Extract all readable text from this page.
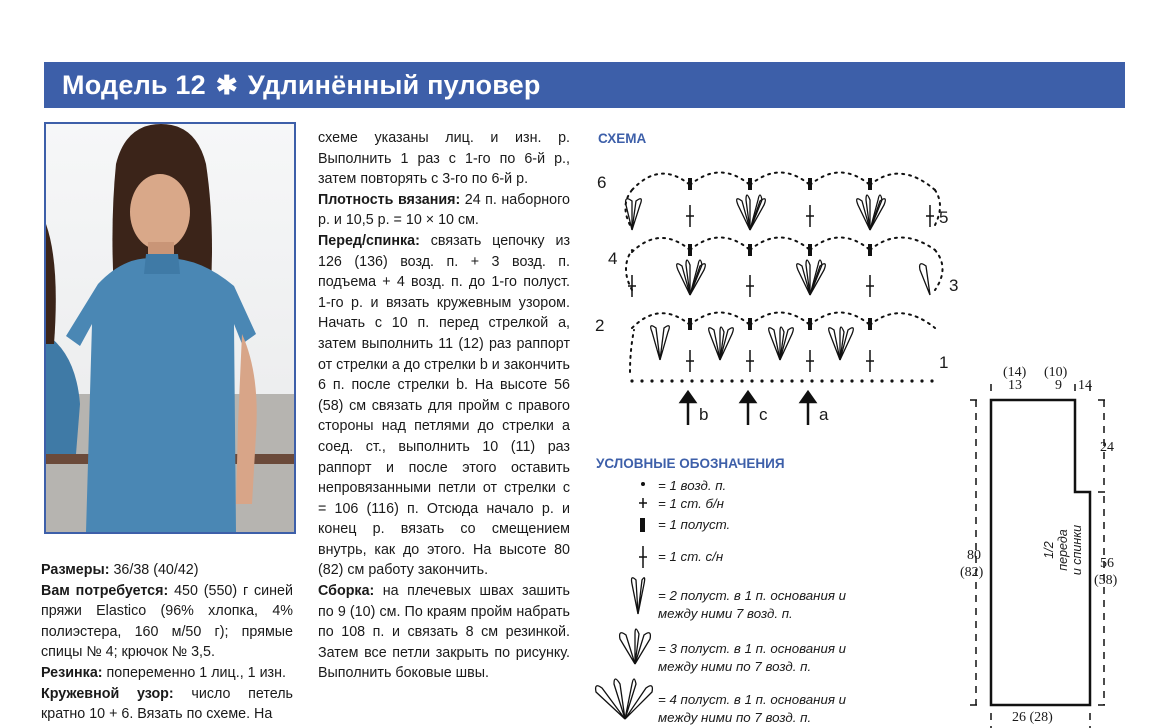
Модель 12 ✱ Удлинённый пуловер

Размеры: 36/38 (40/42)

Вам потребуется: 450 (550) г синей пряжи Elastico (96% хлопка, 4% полиэстера, 160 м/50 г); прямые спицы № 4; крючок № 3,5.

Резинка: попеременно 1 лиц., 1 изн.

Кружевной узор: число петель кратно 10 + 6. Вязать по схеме. На

схеме указаны лиц. и изн. р. Выполнить 1 раз с 1-го по 6-й р., затем повторять с 3-го по 6-й р.

Плотность вязания: 24 п. наборного р. и 10,5 р. = 10 × 10 см.

Перед/спинка: связать цепочку из 126 (136) возд. п. + 3 возд. п. подъема + 4 возд. п. до 1-го полуст. 1-го р. и вязать кружевным узором. Начать с 10 п. перед стрелкой а, затем выполнить 11 (12) раз раппорт от стрелки а до стрелки b и закончить 6 п. после стрелки b. На высоте 56 (58) см связать для пройм с правого стороны над петлями до стрелки а соед. ст., выполнить 10 (11) раз раппорт и после этого оставить непровязанными петли от стрелки с = 106 (116) п. Отсюда начало р. и конец р. вязать со смещением внутрь, как до этого. На высоте 80 (82) см работу закончить.

Сборка: на плечевых швах зашить по 9 (10) см. По краям пройм набрать по 108 п. и связать 8 см резинкой. Затем все петли закрыть по рисунку. Выполнить боковые швы.

СХЕМА
1
2
3
4
5
6
b	c	a
УСЛОВНЫЕ ОБОЗНАЧЕНИЯ
= 1 возд. п.
= 1 ст. б/н
= 1 полуст.
= 1 ст. с/н
= 2 полуст. в 1 п. основания и
между ними 7 возд. п.
= 3 полуст. в 1 п. основания и
между ними по 7 возд. п.
= 4 полуст. в 1 п. основания и
между ними по 7 возд. п.
(14)
13
(10)
9 14
24
56
(58)
80
(82)
26 (28)
1/2 переда
и спинки
